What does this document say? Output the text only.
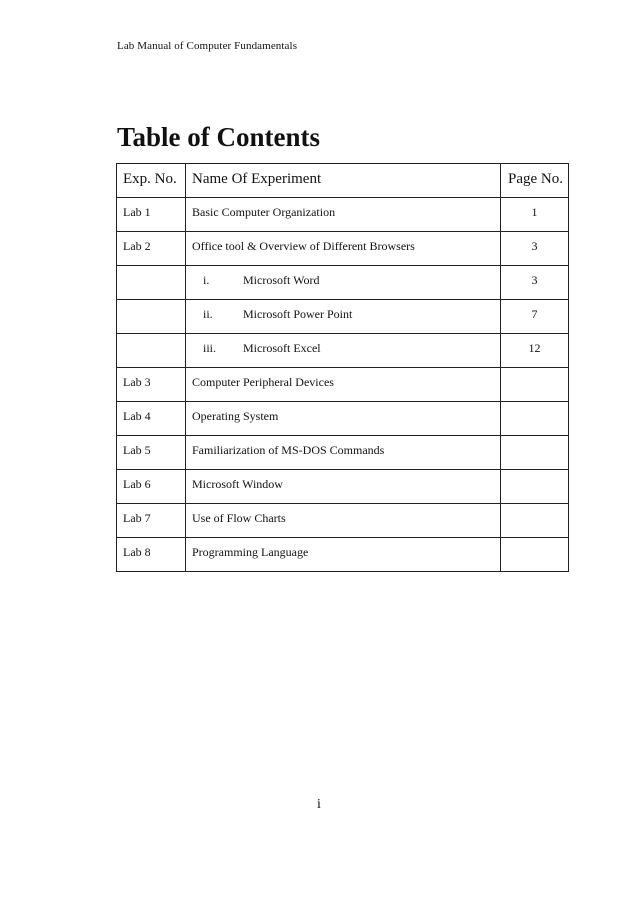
Lab Manual of Computer Fundamentals
Table of Contents
Exp. No.	Name Of Experiment	Page No.

Lab 1	Basic Computer Organization	1

Lab 2	Office tool & Overview of Different Browsers	3

	i. Microsoft Word	3

	ii. Microsoft Power Point	7

	iii. Microsoft Excel	12

Lab 3	Computer Peripheral Devices	

Lab 4	Operating System	

Lab 5	Familiarization of MS-DOS Commands	

Lab 6	Microsoft Window	

Lab 7	Use of Flow Charts	

Lab 8	Programming Language	

i
